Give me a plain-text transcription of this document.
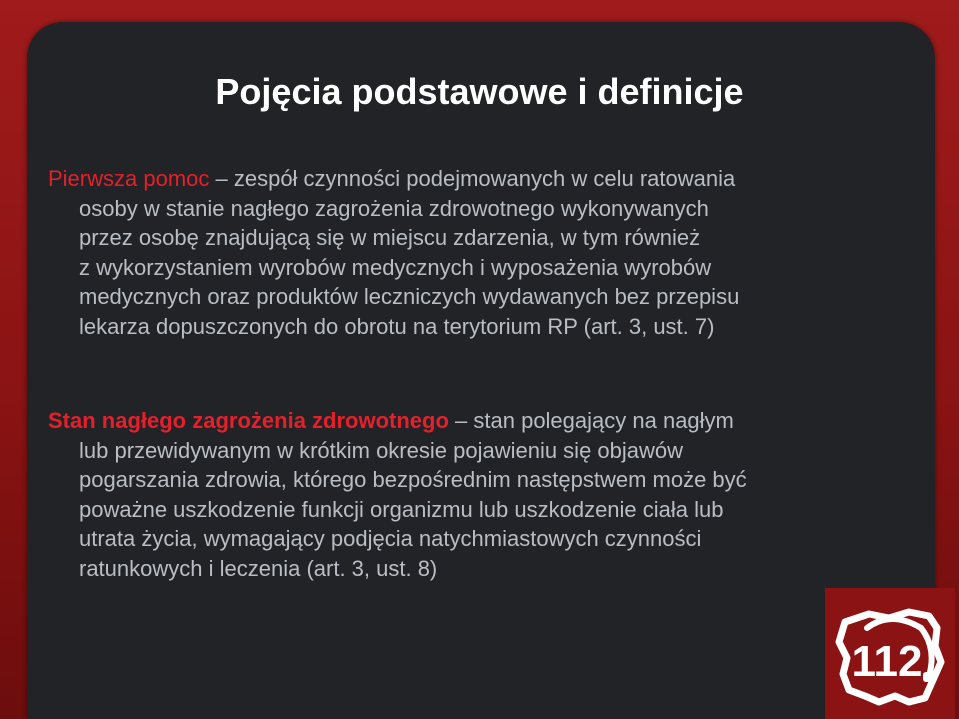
Pojęcia podstawowe i definicje

Pierwsza pomoc – zespół czynności podejmowanych w celu ratowania
osoby w stanie nagłego zagrożenia zdrowotnego wykonywanych
przez osobę znajdującą się w miejscu zdarzenia, w tym również
z wykorzystaniem wyrobów medycznych i wyposażenia wyrobów
medycznych oraz produktów leczniczych wydawanych bez przepisu
lekarza dopuszczonych do obrotu na terytorium RP (art. 3, ust. 7)

Stan nagłego zagrożenia zdrowotnego – stan polegający na nagłym
lub przewidywanym w krótkim okresie pojawieniu się objawów
pogarszania zdrowia, którego bezpośrednim następstwem może być
poważne uszkodzenie funkcji organizmu lub uszkodzenie ciała lub
utrata życia, wymagający podjęcia natychmiastowych czynności
ratunkowych i leczenia (art. 3, ust. 8)

112
